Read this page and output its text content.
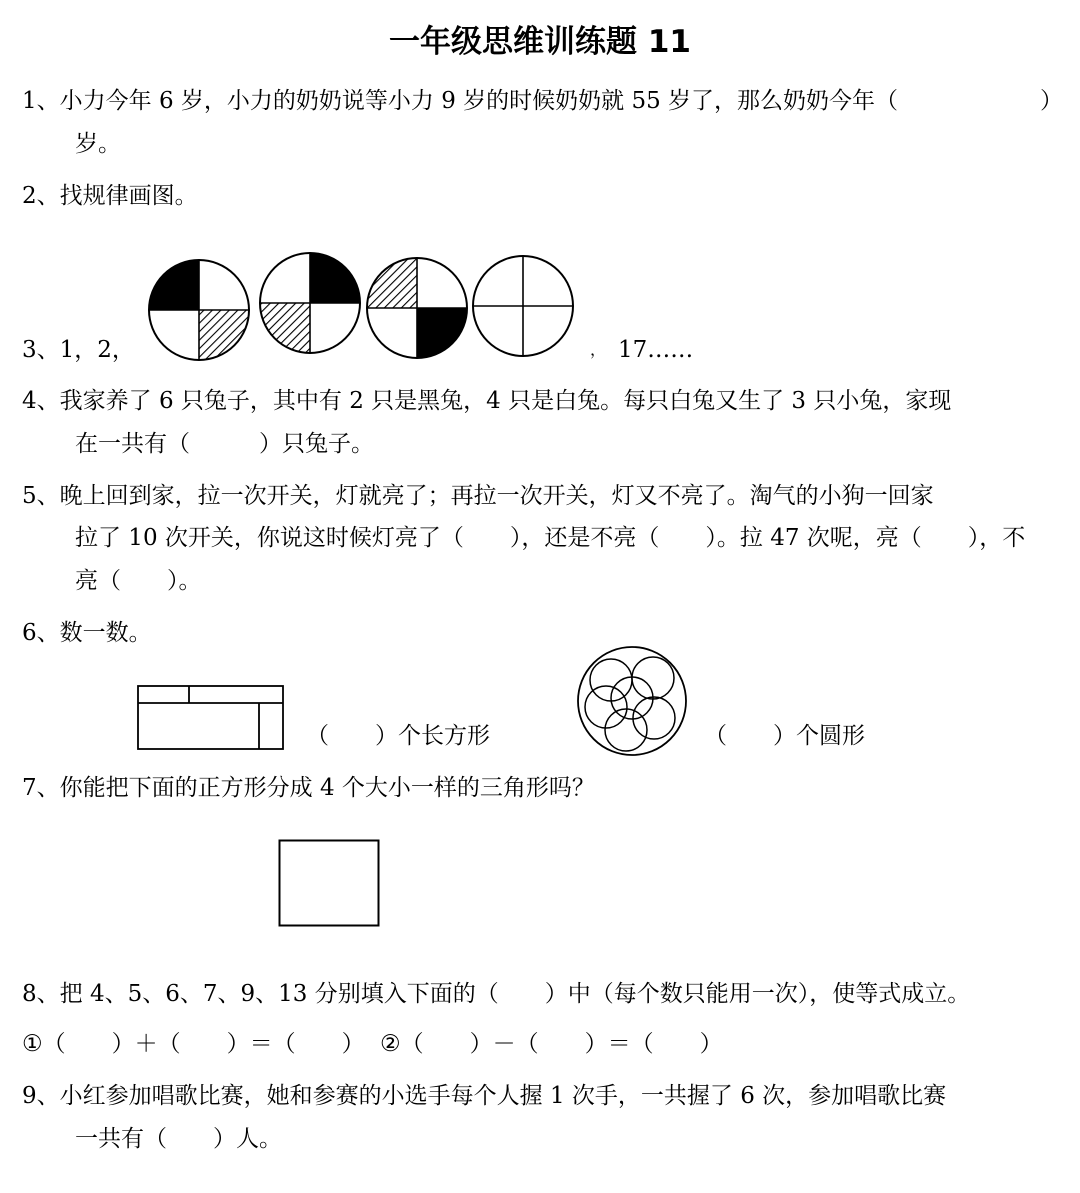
一年级思维训练题 11
1、小力今年 6 岁，小力的奶奶说等小力 9 岁的时候奶奶就 55 岁了，那么奶奶今年（	）
岁。
2、找规律画图。
3、1，2，	， 17……
4、我家养了 6 只兔子，其中有 2 只是黑兔，4 只是白兔。每只白兔又生了 3 只小兔，家现
在一共有（　　　）只兔子。
5、晚上回到家，拉一次开关，灯就亮了；再拉一次开关，灯又不亮了。淘气的小狗一回家
拉了 10 次开关，你说这时候灯亮了（　　），还是不亮（　　）。拉 47 次呢，亮（　　），不
亮（　　）。
6、数一数。
（　　）个长方形	（　　）个圆形
7、你能把下面的正方形分成 4 个大小一样的三角形吗？
8、把 4、5、6、7、9、13 分别填入下面的（　　）中（每个数只能用一次），使等式成立。
①（　　）＋（　　）＝（　　） ②（　　）－（　　）＝（　　）
9、小红参加唱歌比赛，她和参赛的小选手每个人握 1 次手，一共握了 6 次，参加唱歌比赛
一共有（　　）人。
